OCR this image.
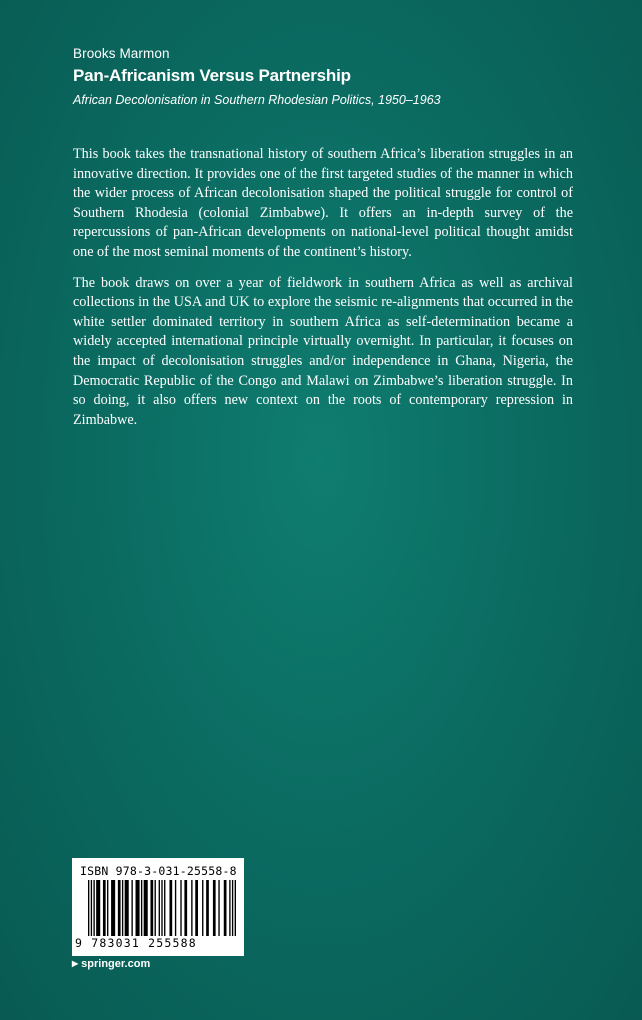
Brooks Marmon
Pan-Africanism Versus Partnership
African Decolonisation in Southern Rhodesian Politics, 1950–1963

This book takes the transnational history of southern Africa’s liberation struggles in an innovative direction. It provides one of the first targeted studies of the manner in which the wider process of African decolonisation shaped the political struggle for control of Southern Rhodesia (colonial Zimbabwe). It offers an in-depth survey of the repercussions of pan-African developments on national-level political thought amidst one of the most seminal moments of the continent’s history.

The book draws on over a year of fieldwork in southern Africa as well as archival collections in the USA and UK to explore the seismic re-alignments that occurred in the white settler dominated territory in southern Africa as self-determination became a widely accepted international principle virtually overnight. In particular, it focuses on the impact of decolonisation struggles and/or independence in Ghana, Nigeria, the Democratic Republic of the Congo and Malawi on Zimbabwe’s liberation struggle. In so doing, it also offers new context on the roots of contemporary repression in Zimbabwe.

ISBN 978-3-031-25558-8
9 783031 255588
▶ springer.com
